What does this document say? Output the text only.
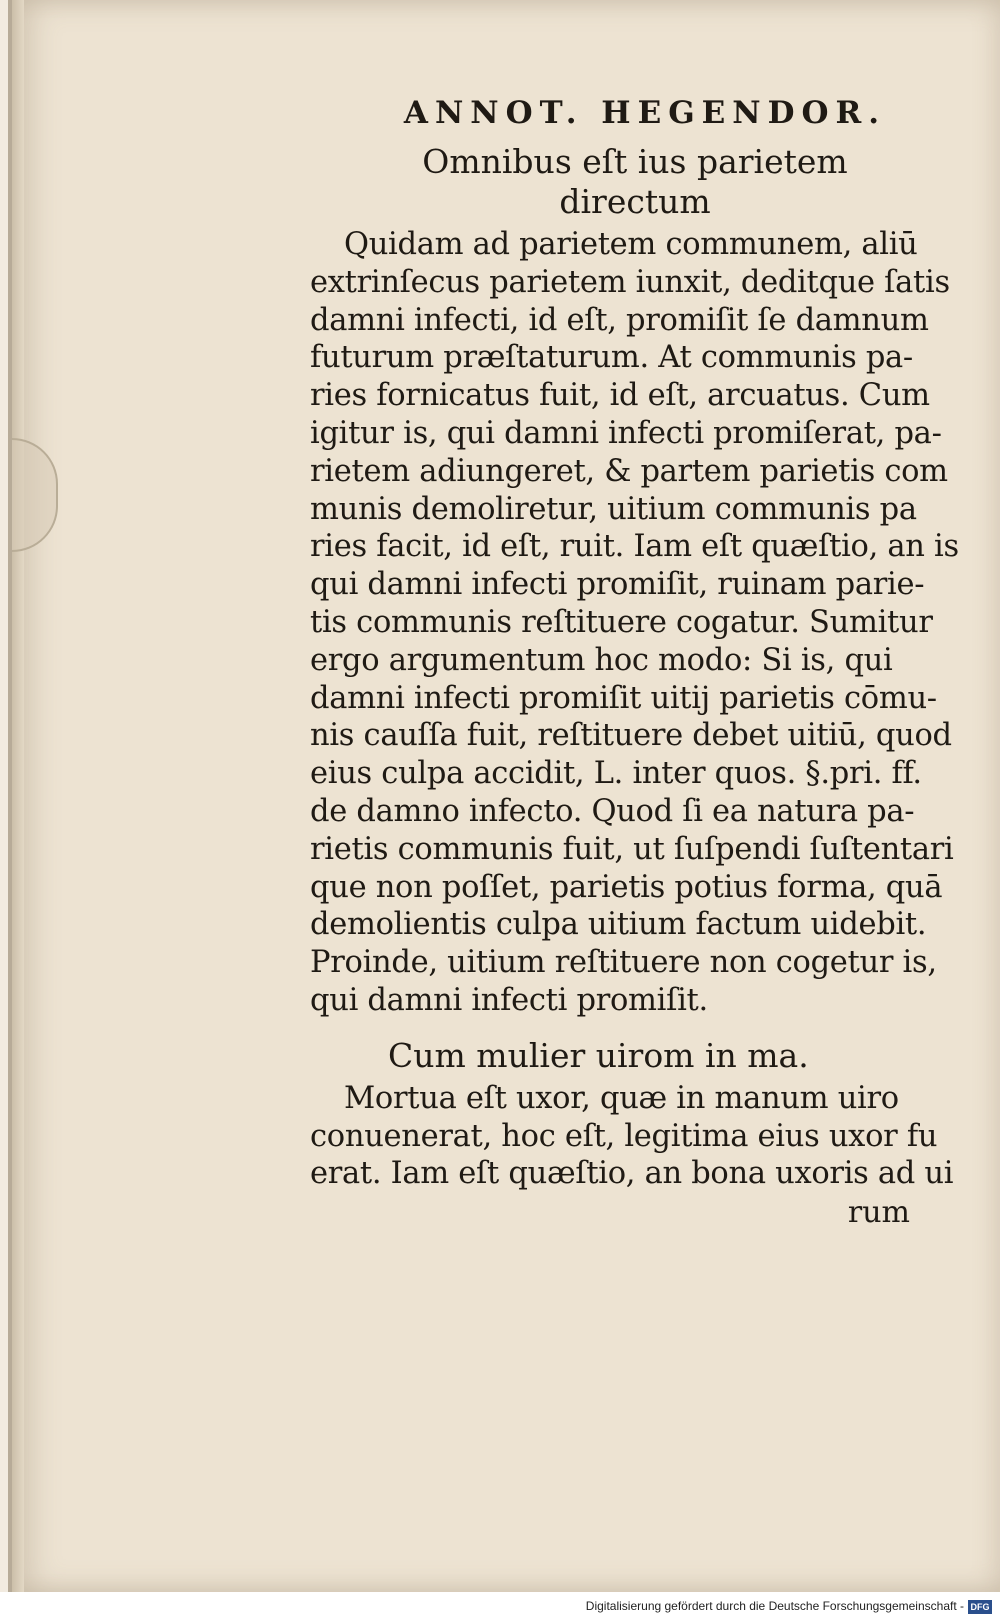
ANNOT. HEGENDOR.
Omnibus eſt ius parietem
directum
Quidam ad parietem communem, aliū
extrinſecus parietem iunxit, deditque ſatis
damni infecti, id eſt, promiſit ſe damnum
futurum præſtaturum. At communis pa-
ries fornicatus fuit, id eſt, arcuatus. Cum
igitur is, qui damni infecti promiſerat, pa-
rietem adiungeret, & partem parietis com
munis demoliretur, uitium communis pa
ries facit, id eſt, ruit. Iam eſt quæſtio, an is
qui damni infecti promiſit, ruinam parie-
tis communis reſtituere cogatur. Sumitur
ergo argumentum hoc modo: Si is, qui
damni infecti promiſit uitij parietis cōmu-
nis cauſſa fuit, reſtituere debet uitiū, quod
eius culpa accidit, L. inter quos. §.pri. ff.
de damno infecto. Quod ſi ea natura pa-
rietis communis fuit, ut ſuſpendi ſuſtentari
que non poſſet, parietis potius forma, quā
demolientis culpa uitium factum uidebit.
Proinde, uitium reſtituere non cogetur is,
qui damni infecti promiſit.
Cum mulier uirom in ma.
Mortua eſt uxor, quæ in manum uiro
conuenerat, hoc eſt, legitima eius uxor fu
erat. Iam eſt quæſtio, an bona uxoris ad ui
rum
Digitalisierung gefördert durch die Deutsche Forschungsgemeinschaft - DFG
